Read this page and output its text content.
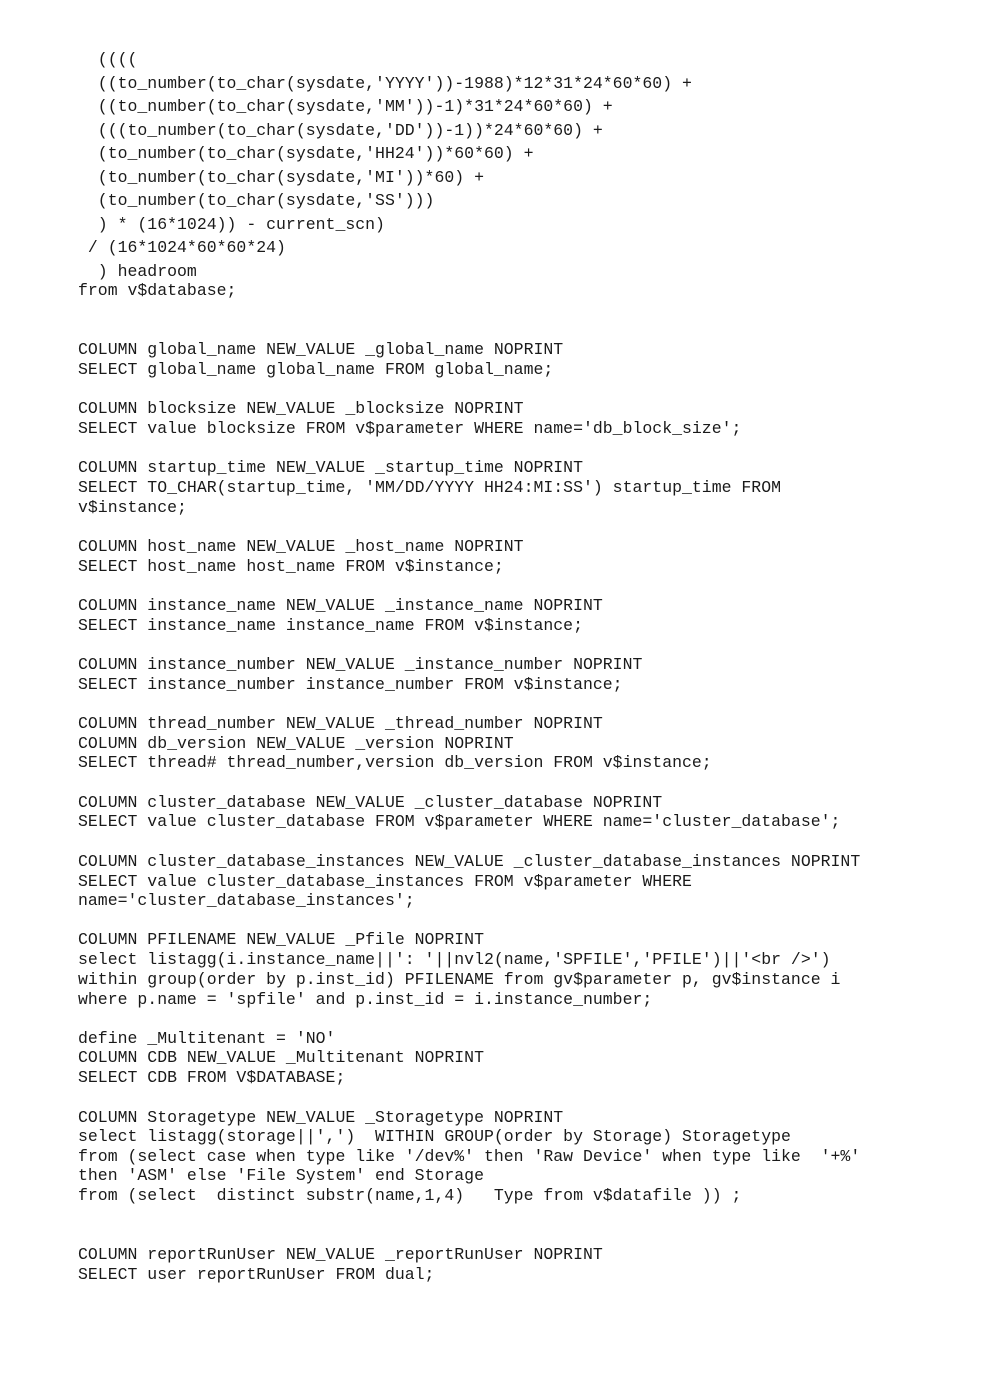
((((
((to_number(to_char(sysdate,'YYYY'))-1988)*12*31*24*60*60) +
((to_number(to_char(sysdate,'MM'))-1)*31*24*60*60) +
(((to_number(to_char(sysdate,'DD'))-1))*24*60*60) +
(to_number(to_char(sysdate,'HH24'))*60*60) +
(to_number(to_char(sysdate,'MI'))*60) +
(to_number(to_char(sysdate,'SS')))
) * (16*1024)) - current_scn)
/ (16*1024*60*60*24)
) headroom
from v$database;
COLUMN global_name NEW_VALUE _global_name NOPRINT
SELECT global_name global_name FROM global_name;
COLUMN blocksize NEW_VALUE _blocksize NOPRINT
SELECT value blocksize FROM v$parameter WHERE name='db_block_size';
COLUMN startup_time NEW_VALUE _startup_time NOPRINT
SELECT TO_CHAR(startup_time, 'MM/DD/YYYY HH24:MI:SS') startup_time FROM
v$instance;
COLUMN host_name NEW_VALUE _host_name NOPRINT
SELECT host_name host_name FROM v$instance;
COLUMN instance_name NEW_VALUE _instance_name NOPRINT
SELECT instance_name instance_name FROM v$instance;
COLUMN instance_number NEW_VALUE _instance_number NOPRINT
SELECT instance_number instance_number FROM v$instance;
COLUMN thread_number NEW_VALUE _thread_number NOPRINT
COLUMN db_version NEW_VALUE _version NOPRINT
SELECT thread# thread_number,version db_version FROM v$instance;
COLUMN cluster_database NEW_VALUE _cluster_database NOPRINT
SELECT value cluster_database FROM v$parameter WHERE name='cluster_database';
COLUMN cluster_database_instances NEW_VALUE _cluster_database_instances NOPRINT
SELECT value cluster_database_instances FROM v$parameter WHERE
name='cluster_database_instances';
COLUMN PFILENAME NEW_VALUE _Pfile NOPRINT
select listagg(i.instance_name||': '||nvl2(name,'SPFILE','PFILE')||'<br />')
within group(order by p.inst_id) PFILENAME from gv$parameter p, gv$instance i
where p.name = 'spfile' and p.inst_id = i.instance_number;
define _Multitenant = 'NO'
COLUMN CDB NEW_VALUE _Multitenant NOPRINT
SELECT CDB FROM V$DATABASE;
COLUMN Storagetype NEW_VALUE _Storagetype NOPRINT
select listagg(storage||',')  WITHIN GROUP(order by Storage) Storagetype
from (select case when type like '/dev%' then 'Raw Device' when type like  '+%'
then 'ASM' else 'File System' end Storage
from (select  distinct substr(name,1,4)   Type from v$datafile )) ;
COLUMN reportRunUser NEW_VALUE _reportRunUser NOPRINT
SELECT user reportRunUser FROM dual;
